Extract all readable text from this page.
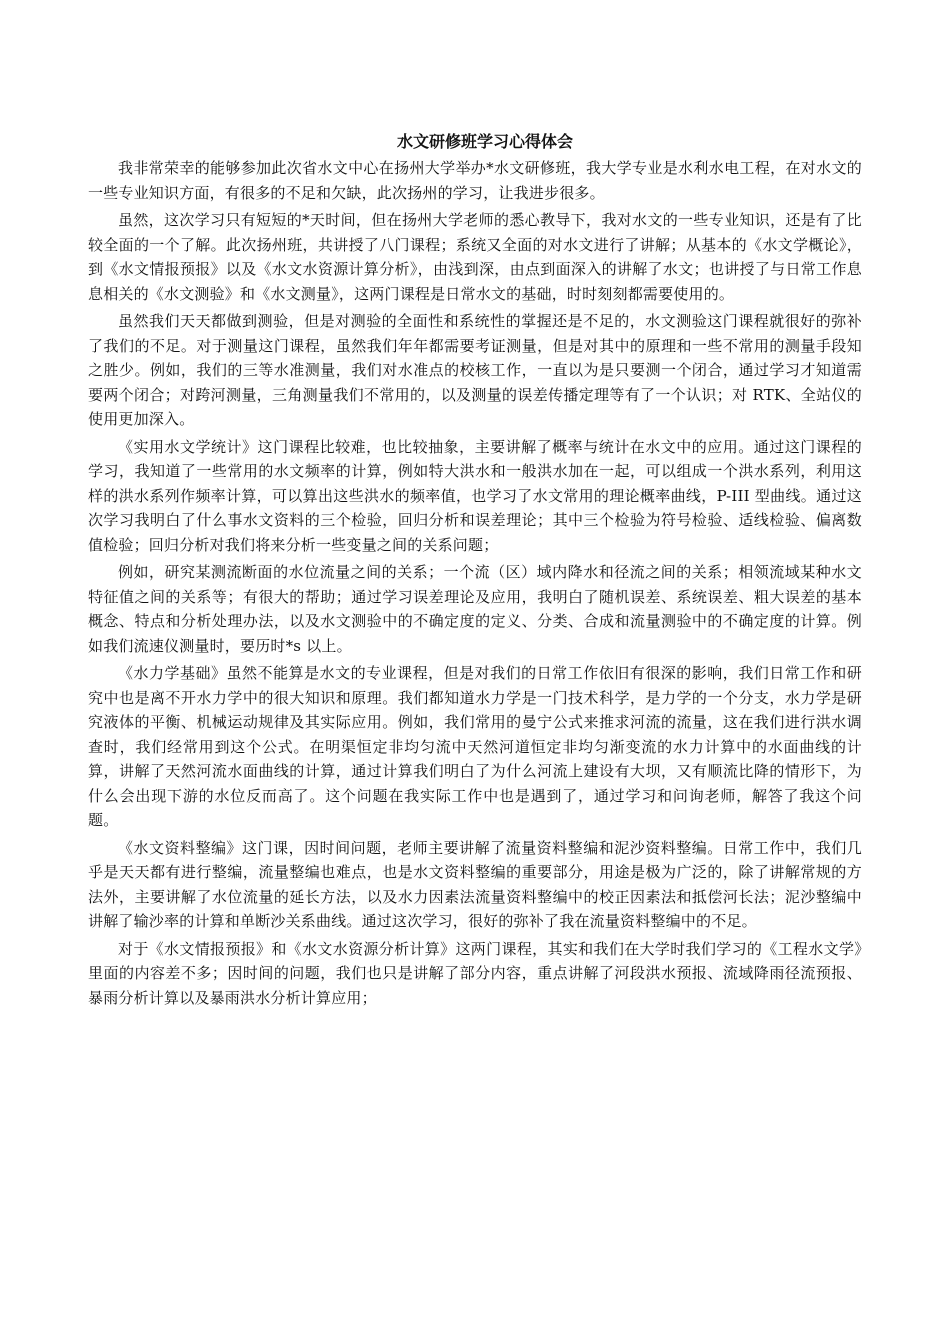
水文研修班学习心得体会

我非常荣幸的能够参加此次省水文中心在扬州大学举办*水文研修班，我大学专业是水利水电工程，在对水文的一些专业知识方面，有很多的不足和欠缺，此次扬州的学习，让我进步很多。

虽然，这次学习只有短短的*天时间，但在扬州大学老师的悉心教导下，我对水文的一些专业知识，还是有了比较全面的一个了解。此次扬州班，共讲授了八门课程；系统又全面的对水文进行了讲解；从基本的《水文学概论》，到《水文情报预报》以及《水文水资源计算分析》，由浅到深，由点到面深入的讲解了水文；也讲授了与日常工作息息相关的《水文测验》和《水文测量》，这两门课程是日常水文的基础，时时刻刻都需要使用的。

虽然我们天天都做到测验，但是对测验的全面性和系统性的掌握还是不足的，水文测验这门课程就很好的弥补了我们的不足。对于测量这门课程，虽然我们年年都需要考证测量，但是对其中的原理和一些不常用的测量手段知之胜少。例如，我们的三等水准测量，我们对水准点的校核工作，一直以为是只要测一个闭合，通过学习才知道需要两个闭合；对跨河测量，三角测量我们不常用的，以及测量的误差传播定理等有了一个认识；对 RTK、全站仪的使用更加深入。

《实用水文学统计》这门课程比较难，也比较抽象，主要讲解了概率与统计在水文中的应用。通过这门课程的学习，我知道了一些常用的水文频率的计算，例如特大洪水和一般洪水加在一起，可以组成一个洪水系列，利用这样的洪水系列作频率计算，可以算出这些洪水的频率值，也学习了水文常用的理论概率曲线，P-III 型曲线。通过这次学习我明白了什么事水文资料的三个检验，回归分析和误差理论；其中三个检验为符号检验、适线检验、偏离数值检验；回归分析对我们将来分析一些变量之间的关系问题；

例如，研究某测流断面的水位流量之间的关系；一个流（区）域内降水和径流之间的关系；相领流域某种水文特征值之间的关系等；有很大的帮助；通过学习误差理论及应用，我明白了随机误差、系统误差、粗大误差的基本概念、特点和分析处理办法，以及水文测验中的不确定度的定义、分类、合成和流量测验中的不确定度的计算。例如我们流速仪测量时，要历时*s 以上。

《水力学基础》虽然不能算是水文的专业课程，但是对我们的日常工作依旧有很深的影响，我们日常工作和研究中也是离不开水力学中的很大知识和原理。我们都知道水力学是一门技术科学，是力学的一个分支，水力学是研究液体的平衡、机械运动规律及其实际应用。例如，我们常用的曼宁公式来推求河流的流量，这在我们进行洪水调查时，我们经常用到这个公式。在明渠恒定非均匀流中天然河道恒定非均匀渐变流的水力计算中的水面曲线的计算，讲解了天然河流水面曲线的计算，通过计算我们明白了为什么河流上建设有大坝，又有顺流比降的情形下，为什么会出现下游的水位反而高了。这个问题在我实际工作中也是遇到了，通过学习和问询老师，解答了我这个问题。

《水文资料整编》这门课，因时间问题，老师主要讲解了流量资料整编和泥沙资料整编。日常工作中，我们几乎是天天都有进行整编，流量整编也难点，也是水文资料整编的重要部分，用途是极为广泛的，除了讲解常规的方法外，主要讲解了水位流量的延长方法，以及水力因素法流量资料整编中的校正因素法和抵偿河长法；泥沙整编中讲解了输沙率的计算和单断沙关系曲线。通过这次学习，很好的弥补了我在流量资料整编中的不足。

对于《水文情报预报》和《水文水资源分析计算》这两门课程，其实和我们在大学时我们学习的《工程水文学》里面的内容差不多；因时间的问题，我们也只是讲解了部分内容，重点讲解了河段洪水预报、流域降雨径流预报、暴雨分析计算以及暴雨洪水分析计算应用；
